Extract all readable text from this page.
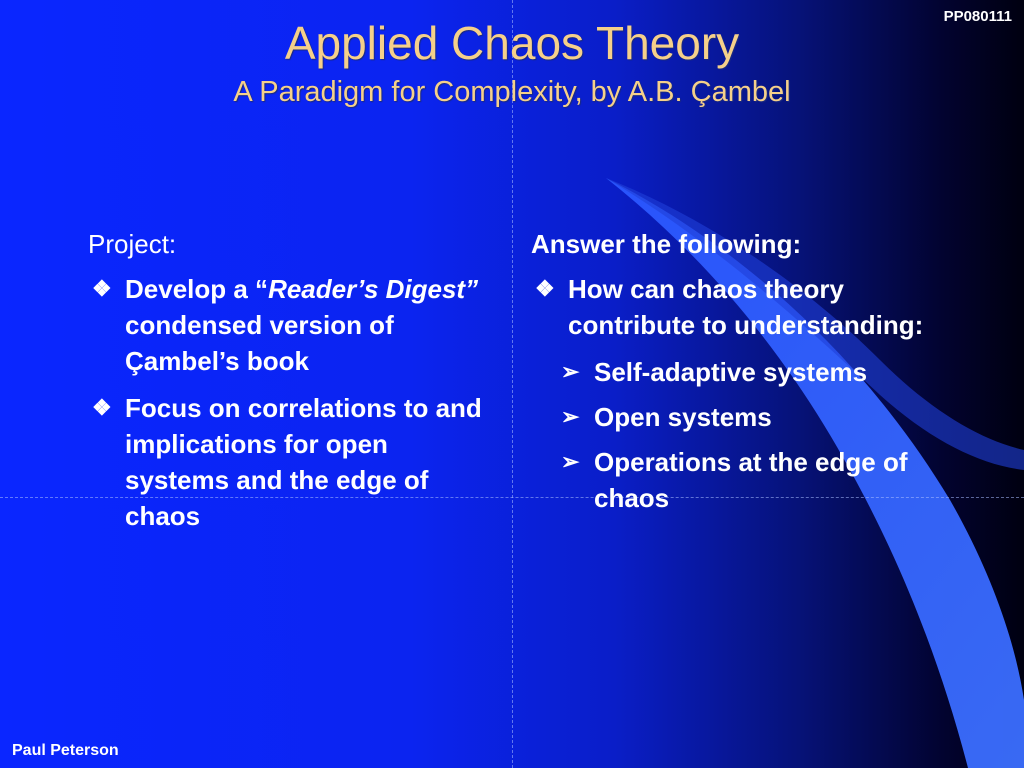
PP080111
Applied Chaos Theory
A Paradigm for Complexity, by A.B. Çambel
Project:
❖ Develop a “Reader’s Digest” condensed version of Çambel’s book
❖ Focus on correlations to and implications for open systems and the edge of chaos
Answer the following:
❖ How can chaos theory contribute to understanding:
➢ Self-adaptive systems
➢ Open systems
➢ Operations at the edge of chaos
Paul Peterson
